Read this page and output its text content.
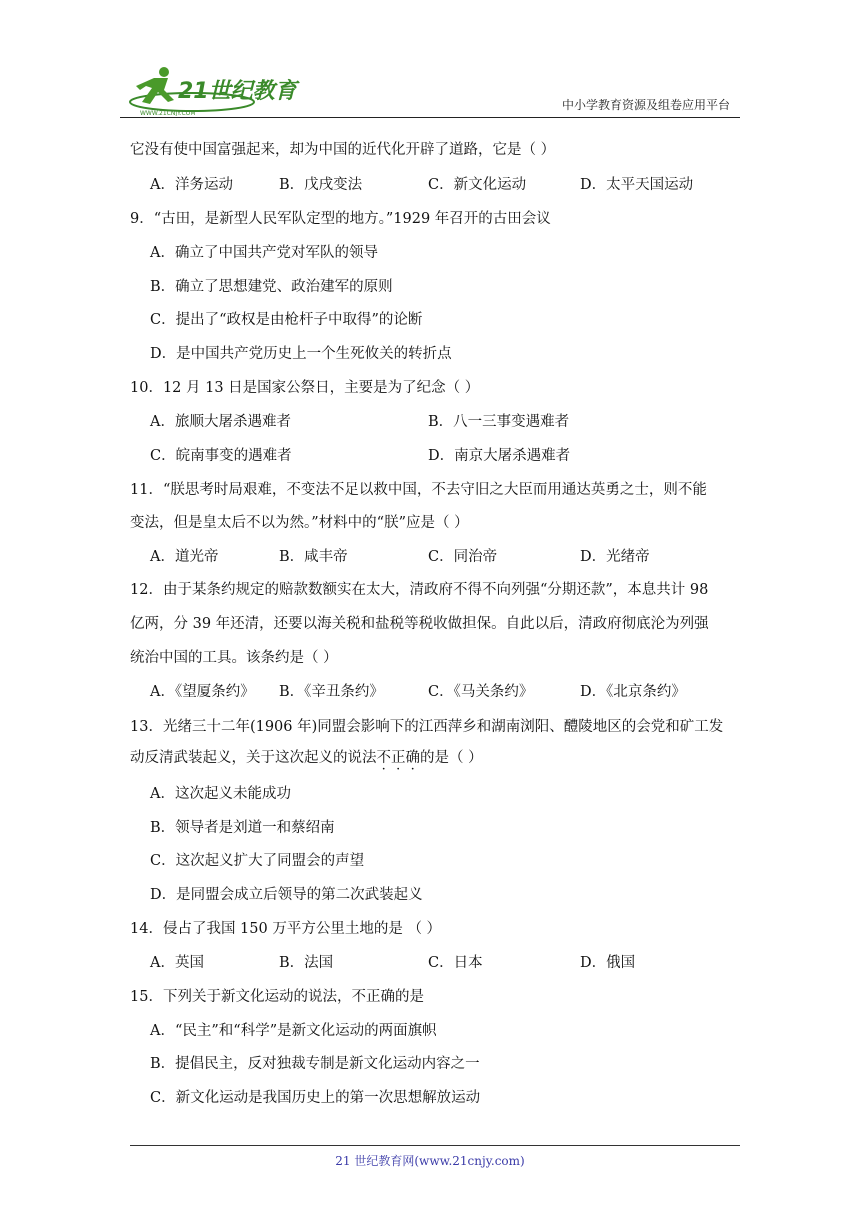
21世纪教育
WWW.21CNJY.COM
中小学教育资源及组卷应用平台
它没有使中国富强起来，却为中国的近代化开辟了道路，它是（ ）
A．洋务运动	B．戊戌变法	C．新文化运动	D．太平天国运动
9．“古田，是新型人民军队定型的地方。”1929 年召开的古田会议
A．确立了中国共产党对军队的领导
B．确立了思想建党、政治建军的原则
C．提出了“政权是由枪杆子中取得”的论断
D．是中国共产党历史上一个生死攸关的转折点
10．12 月 13 日是国家公祭日，主要是为了纪念（ ）
A．旅顺大屠杀遇难者	B．八一三事变遇难者
C．皖南事变的遇难者	D．南京大屠杀遇难者
11．“朕思考时局艰难，不变法不足以救中国，不去守旧之大臣而用通达英勇之士，则不能
变法，但是皇太后不以为然。”材料中的“朕”应是（ ）
A．道光帝	B．咸丰帝	C．同治帝	D．光绪帝
12．由于某条约规定的赔款数额实在太大，清政府不得不向列强“分期还款”，本息共计 98
亿两，分 39 年还清，还要以海关税和盐税等税收做担保。自此以后，清政府彻底沦为列强
统治中国的工具。该条约是（ ）
A．《望厦条约》 B．《辛丑条约》	C．《马关条约》	D．《北京条约》
13．光绪三十二年(1906 年)同盟会影响下的江西萍乡和湖南浏阳、醴陵地区的会党和矿工发
动反清武装起义，关于这次起义的说法不正确的是（ ）
A．这次起义未能成功
B．领导者是刘道一和蔡绍南
C．这次起义扩大了同盟会的声望
D．是同盟会成立后领导的第二次武装起义
14．侵占了我国 150 万平方公里土地的是 （ ）
A．英国	B．法国	C．日本	D．俄国
15．下列关于新文化运动的说法，不正确的是
A．“民主”和“科学”是新文化运动的两面旗帜
B．提倡民主，反对独裁专制是新文化运动内容之一
C．新文化运动是我国历史上的第一次思想解放运动
21 世纪教育网(www.21cnjy.com)
